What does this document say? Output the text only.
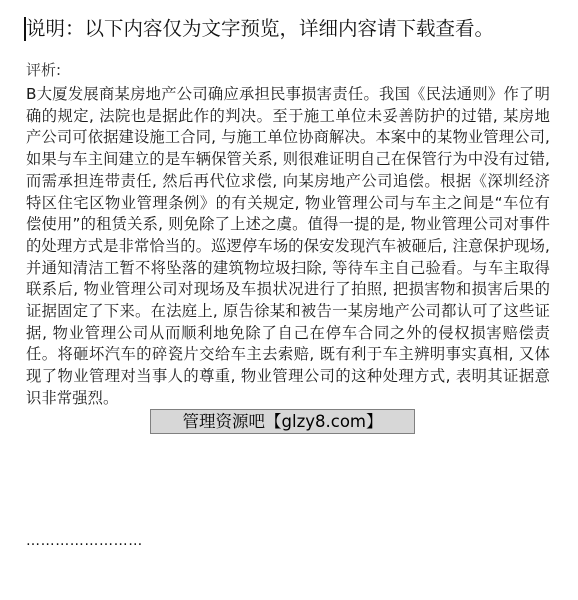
说明：以下内容仅为文字预览，详细内容请下载查看。
评析:

B大厦发展商某房地产公司确应承担民事损害责任。我国《民法通则》作了明确的规定, 法院也是据此作的判决。至于施工单位未妥善防护的过错, 某房地产公司可依据建设施工合同, 与施工单位协商解决。本案中的某物业管理公司, 如果与车主间建立的是车辆保管关系, 则很难证明自己在保管行为中没有过错, 而需承担连带责任, 然后再代位求偿, 向某房地产公司追偿。根据《深圳经济特区住宅区物业管理条例》的有关规定, 物业管理公司与车主之间是“车位有偿使用”的租赁关系, 则免除了上述之虞。值得一提的是, 物业管理公司对事件的处理方式是非常恰当的。巡逻停车场的保安发现汽车被砸后, 注意保护现场, 并通知清洁工暂不将坠落的建筑物垃圾扫除, 等待车主自己验看。与车主取得联系后, 物业管理公司对现场及车损状况进行了拍照, 把损害物和损害后果的证据固定了下来。在法庭上, 原告徐某和被告一某房地产公司都认可了这些证据, 物业管理公司从而顺利地免除了自己在停车合同之外的侵权损害赔偿责任。将砸坏汽车的碎瓷片交给车主去索赔, 既有利于车主辨明事实真相, 又体现了物业管理对当事人的尊重, 物业管理公司的这种处理方式, 表明其证据意识非常强烈。

……………………
管理资源吧【glzy8.com】
